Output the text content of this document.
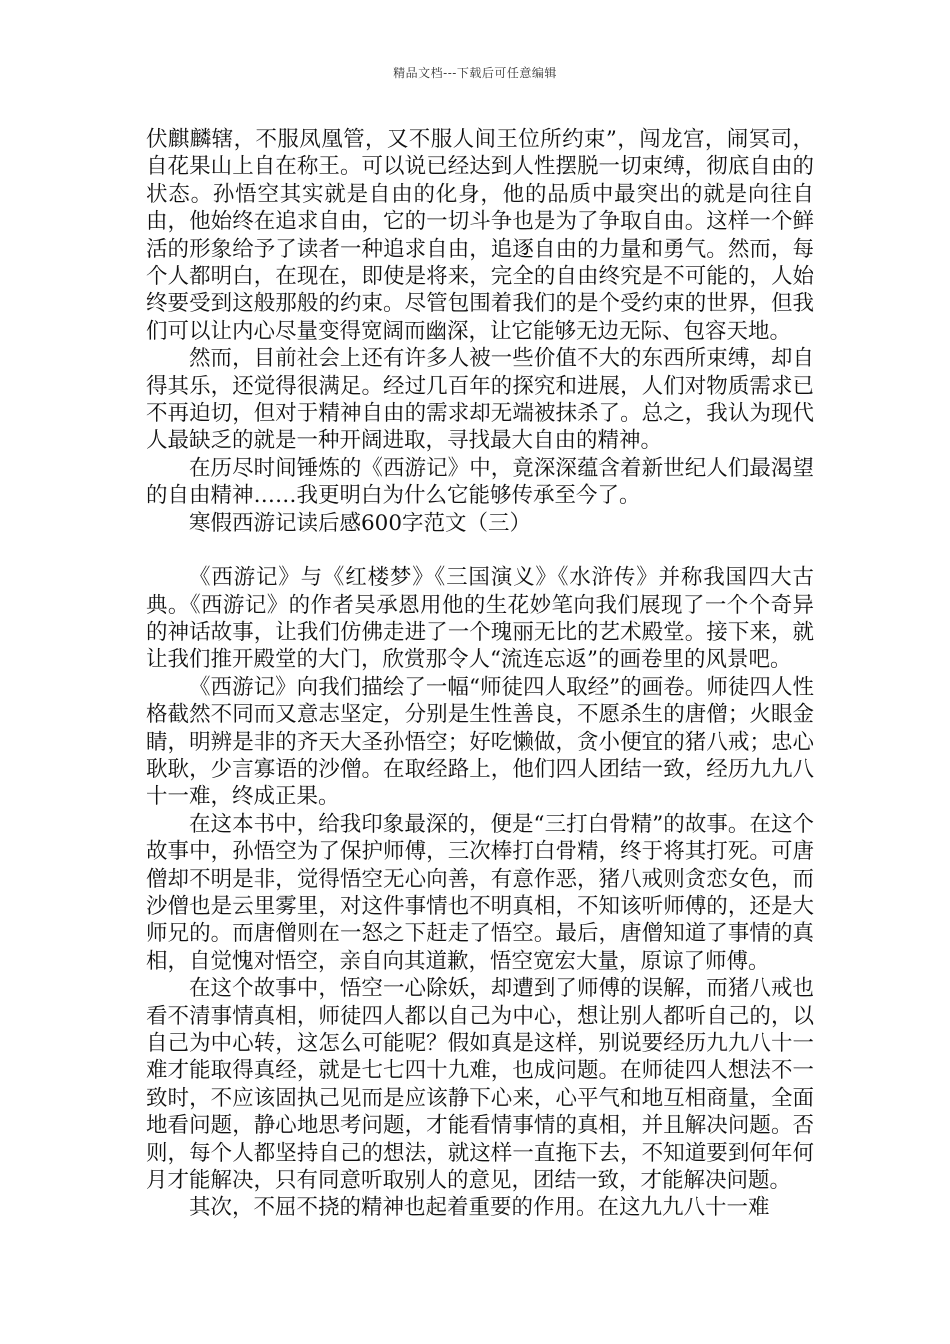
精品文档---下载后可任意编辑

伏麒麟辖，不服凤凰管，又不服人间王位所约束”，闯龙宫，闹冥司，自花果山上自在称王。可以说已经达到人性摆脱一切束缚，彻底自由的状态。孙悟空其实就是自由的化身，他的品质中最突出的就是向往自由，他始终在追求自由，它的一切斗争也是为了争取自由。这样一个鲜活的形象给予了读者一种追求自由，追逐自由的力量和勇气。然而，每个人都明白，在现在，即使是将来，完全的自由终究是不可能的，人始终要受到这般那般的约束。尽管包围着我们的是个受约束的世界，但我们可以让内心尽量变得宽阔而幽深，让它能够无边无际、包容天地。

然而，目前社会上还有许多人被一些价值不大的东西所束缚，却自得其乐，还觉得很满足。经过几百年的探究和进展，人们对物质需求已不再迫切，但对于精神自由的需求却无端被抹杀了。总之，我认为现代人最缺乏的就是一种开阔进取，寻找最大自由的精神。

在历尽时间锤炼的《西游记》中，竟深深蕴含着新世纪人们最渴望的自由精神……我更明白为什么它能够传承至今了。

寒假西游记读后感600字范文（三）

《西游记》与《红楼梦》《三国演义》《水浒传》并称我国四大古典。《西游记》的作者吴承恩用他的生花妙笔向我们展现了一个个奇异的神话故事，让我们仿佛走进了一个瑰丽无比的艺术殿堂。接下来，就让我们推开殿堂的大门，欣赏那令人“流连忘返”的画卷里的风景吧。

《西游记》向我们描绘了一幅“师徒四人取经”的画卷。师徒四人性格截然不同而又意志坚定，分别是生性善良，不愿杀生的唐僧；火眼金睛，明辨是非的齐天大圣孙悟空；好吃懒做，贪小便宜的猪八戒；忠心耿耿，少言寡语的沙僧。在取经路上，他们四人团结一致，经历九九八十一难，终成正果。

在这本书中，给我印象最深的，便是“三打白骨精”的故事。在这个故事中，孙悟空为了保护师傅，三次棒打白骨精，终于将其打死。可唐僧却不明是非，觉得悟空无心向善，有意作恶，猪八戒则贪恋女色，而沙僧也是云里雾里，对这件事情也不明真相，不知该听师傅的，还是大师兄的。而唐僧则在一怒之下赶走了悟空。最后，唐僧知道了事情的真相，自觉愧对悟空，亲自向其道歉，悟空宽宏大量，原谅了师傅。

在这个故事中，悟空一心除妖，却遭到了师傅的误解，而猪八戒也看不清事情真相，师徒四人都以自己为中心，想让别人都听自己的，以自己为中心转，这怎么可能呢？假如真是这样，别说要经历九九八十一难才能取得真经，就是七七四十九难，也成问题。在师徒四人想法不一致时，不应该固执己见而是应该静下心来，心平气和地互相商量，全面地看问题，静心地思考问题，才能看情事情的真相，并且解决问题。否则，每个人都坚持自己的想法，就这样一直拖下去，不知道要到何年何月才能解决，只有同意听取别人的意见，团结一致，才能解决问题。

其次，不屈不挠的精神也起着重要的作用。在这九九八十一难
